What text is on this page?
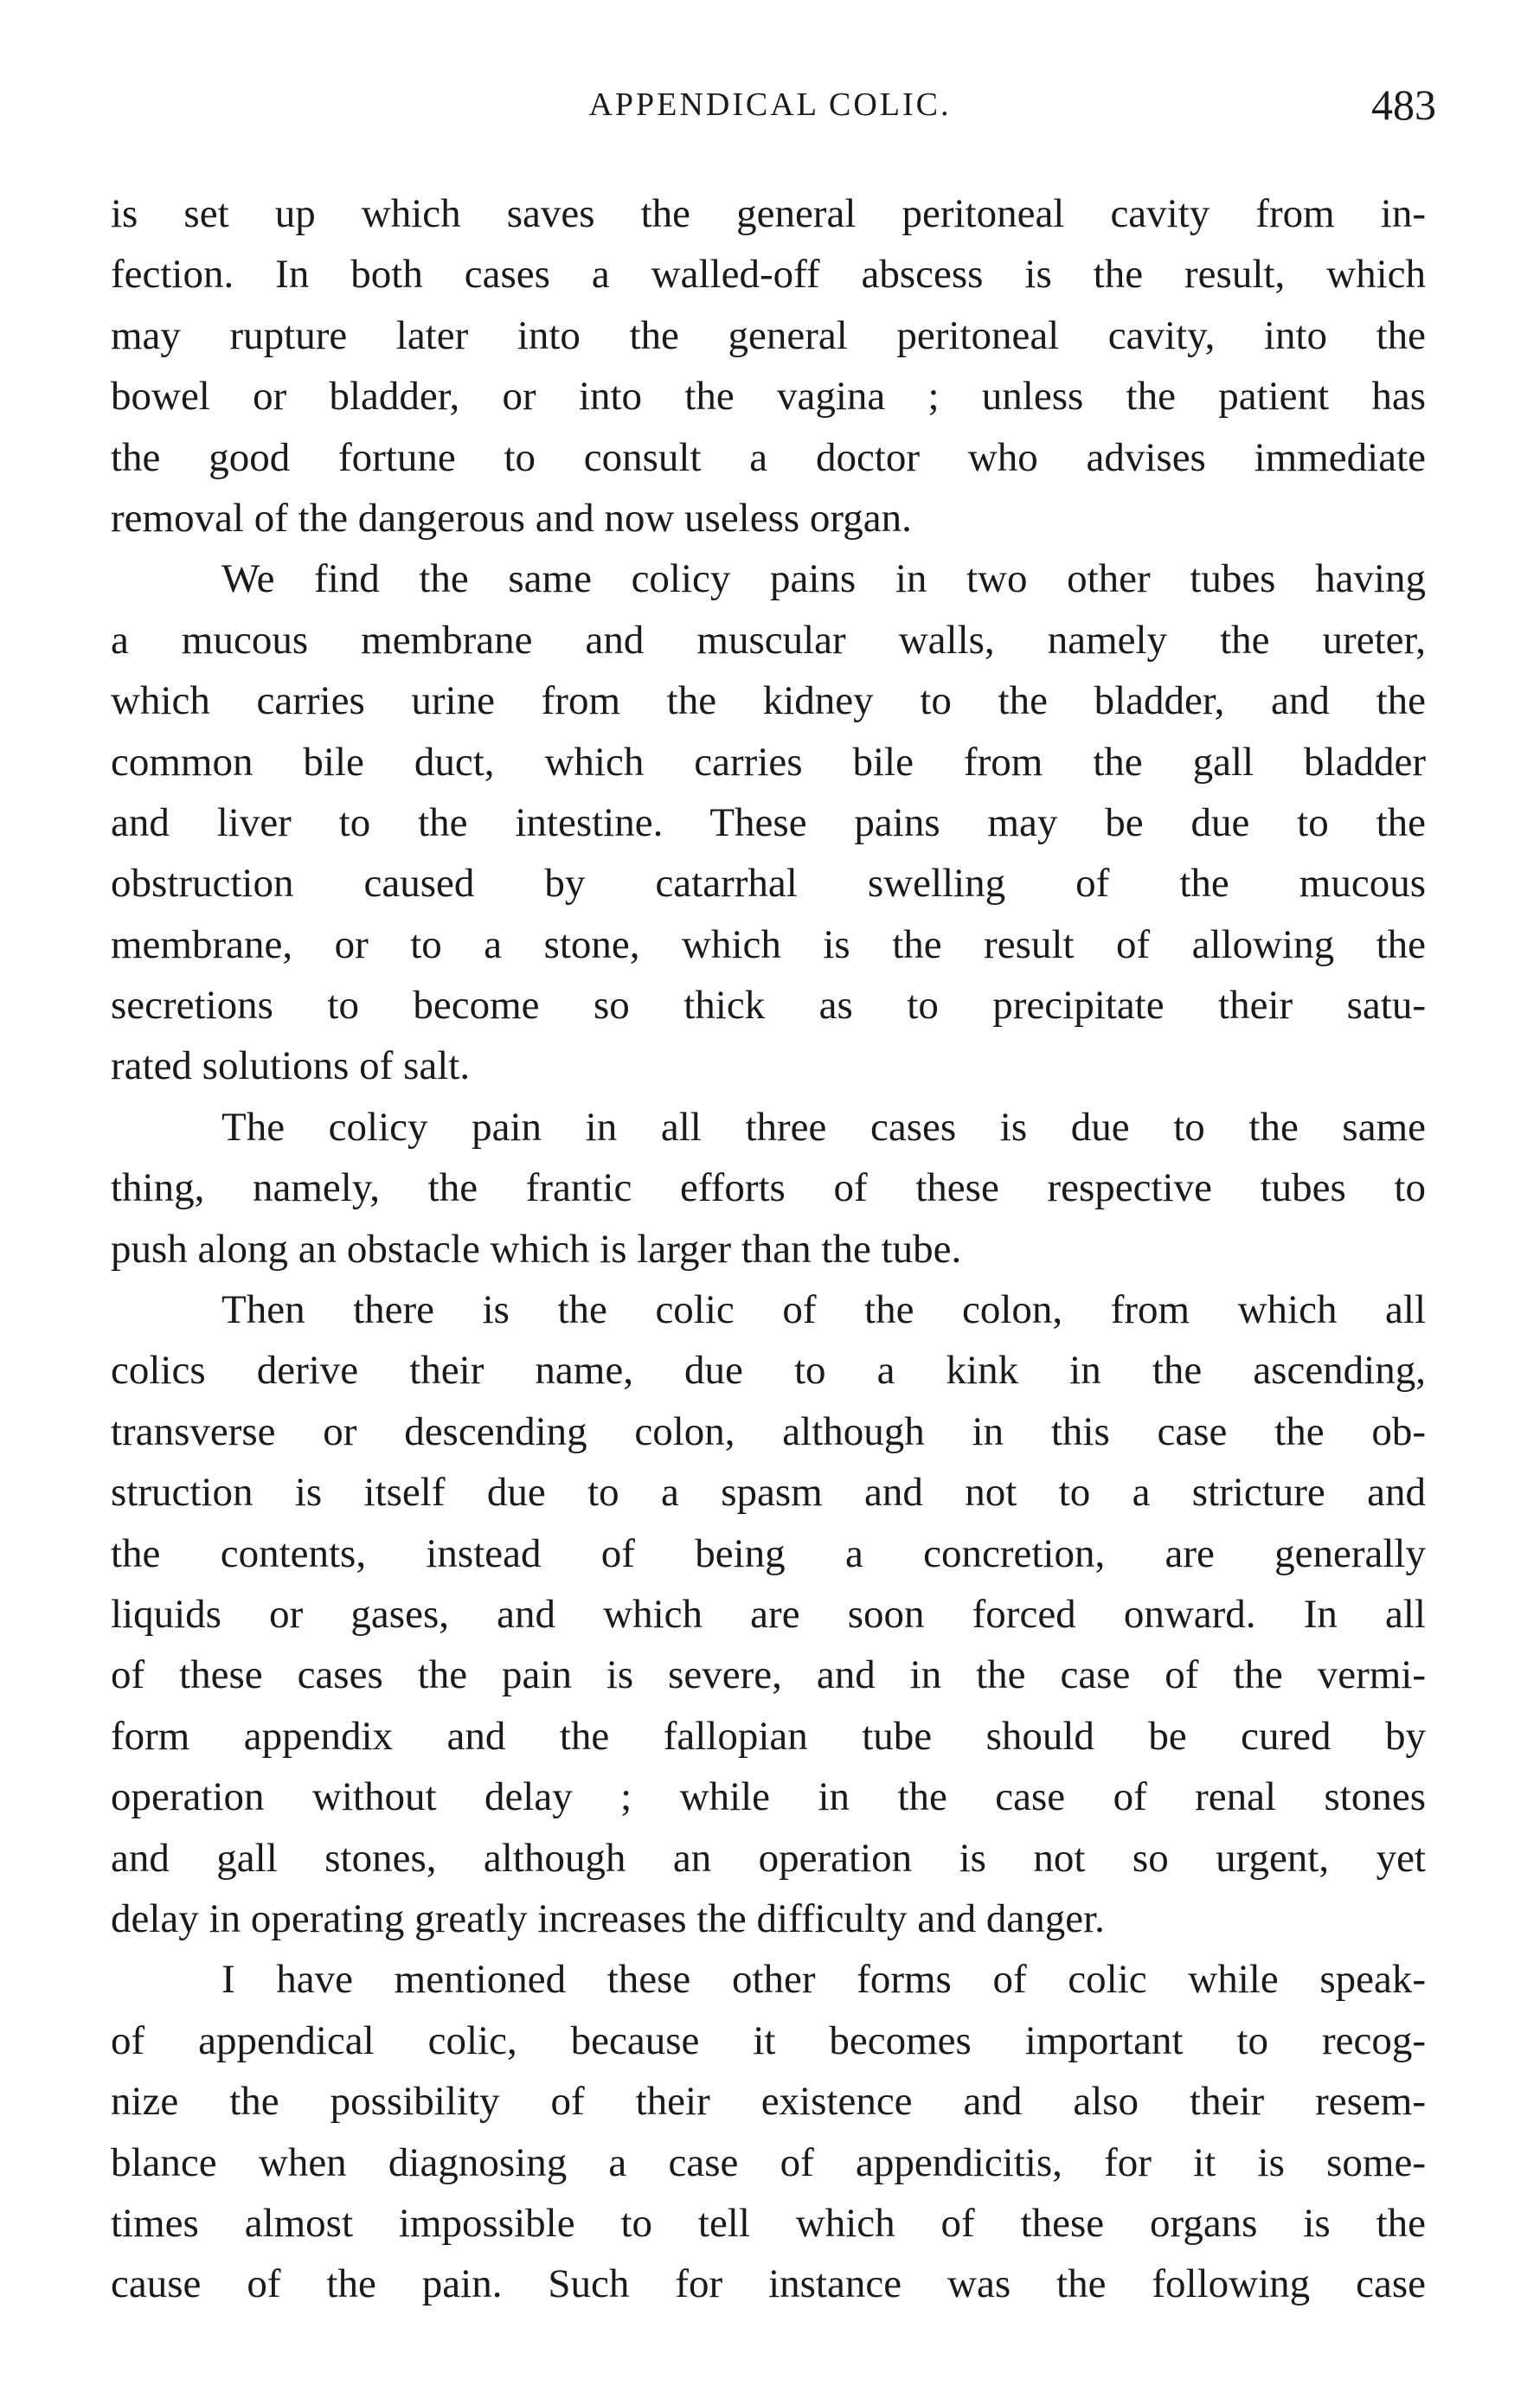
APPENDICAL COLIC.	483
is set up which saves the general peritoneal cavity from in-
fection. In both cases a walled-off abscess is the result, which
may rupture later into the general peritoneal cavity, into the
bowel or bladder, or into the vagina ; unless the patient has
the good fortune to consult a doctor who advises immediate
removal of the dangerous and now useless organ.
We find the same colicy pains in two other tubes having
a mucous membrane and muscular walls, namely the ureter,
which carries urine from the kidney to the bladder, and the
common bile duct, which carries bile from the gall bladder
and liver to the intestine. These pains may be due to the
obstruction caused by catarrhal swelling of the mucous
membrane, or to a stone, which is the result of allowing the
secretions to become so thick as to precipitate their satu-
rated solutions of salt.
The colicy pain in all three cases is due to the same
thing, namely, the frantic efforts of these respective tubes to
push along an obstacle which is larger than the tube.
Then there is the colic of the colon, from which all
colics derive their name, due to a kink in the ascending,
transverse or descending colon, although in this case the ob-
struction is itself due to a spasm and not to a stricture and
the contents, instead of being a concretion, are generally
liquids or gases, and which are soon forced onward. In all
of these cases the pain is severe, and in the case of the vermi-
form appendix and the fallopian tube should be cured by
operation without delay ; while in the case of renal stones
and gall stones, although an operation is not so urgent, yet
delay in operating greatly increases the difficulty and danger.
I have mentioned these other forms of colic while speak-
of appendical colic, because it becomes important to recog-
nize the possibility of their existence and also their resem-
blance when diagnosing a case of appendicitis, for it is some-
times almost impossible to tell which of these organs is the
cause of the pain. Such for instance was the following case
